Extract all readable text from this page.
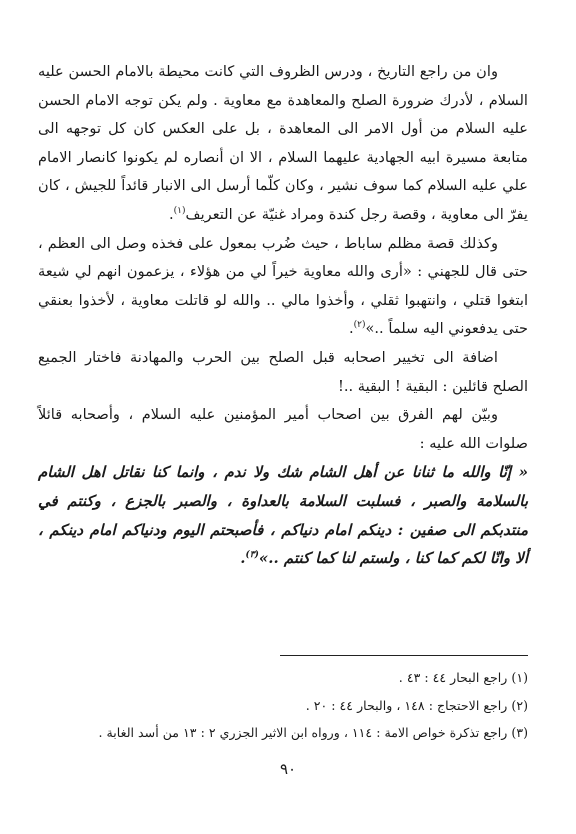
وان من راجع التاريخ ، ودرس الظروف التي كانت محيطة بالامام الحسن عليه السلام ، لأدرك ضرورة الصلح والمعاهدة مع معاوية . ولم يكن توجه الامام الحسن عليه السلام من أول الامر الى المعاهدة ، بل على العكس كان كل توجهه الى متابعة مسيرة ابيه الجهادية عليهما السلام ، الا ان أنصاره لم يكونوا كانصار الامام علي عليه السلام كما سوف نشير ، وكان كلّما أرسل الى الانبار قائداً للجيش ، كان يفرّ الى معاوية ، وقصة رجل كندة ومراد غنيّة عن التعريف$^{(١)}$.

وكذلك قصة مظلم ساباط ، حيث ضُرب بمعول على فخذه وصل الى العظم ، حتى قال للجهني : «أرى والله معاوية خيراً لي من هؤلاء ، يزعمون انهم لي شيعة ابتغوا قتلي ، وانتهبوا ثقلي ، وأخذوا مالي .. والله لو قاتلت معاوية ، لأخذوا بعنقي حتى يدفعوني اليه سلماً ..»$^{(٢)}$.

اضافة الى تخيير اصحابه قبل الصلح بين الحرب والمهادنة فاختار الجميع الصلح قائلين : البقية ! البقية ..!

وبيّن لهم الفرق بين اصحاب أمير المؤمنين عليه السلام ، وأصحابه قائلاً صلوات الله عليه :

« إنّا والله ما ثنانا عن أهل الشام شك ولا ندم ، وانما كنا نقاتل اهل الشام بالسلامة والصبر ، فسلبت السلامة بالعداوة ، والصبر بالجزع ، وكنتم في منتدبكم الى صفين : دينكم امام دنياكم ، فأصبحتم اليوم ودنياكم امام دينكم ، ألا وانّا لكم كما كنا ، ولستم لنا كما كنتم ..»$^{(٣)}$.

(١) راجع البحار ٤٤ : ٤٣ .

(٢) راجع الاحتجاج : ١٤٨ ، والبحار ٤٤ : ٢٠ .

(٣) راجع تذكرة خواص الامة : ١١٤ ، ورواه ابن الاثير الجزري ٢ : ١٣ من أسد الغابة .

٩٠
